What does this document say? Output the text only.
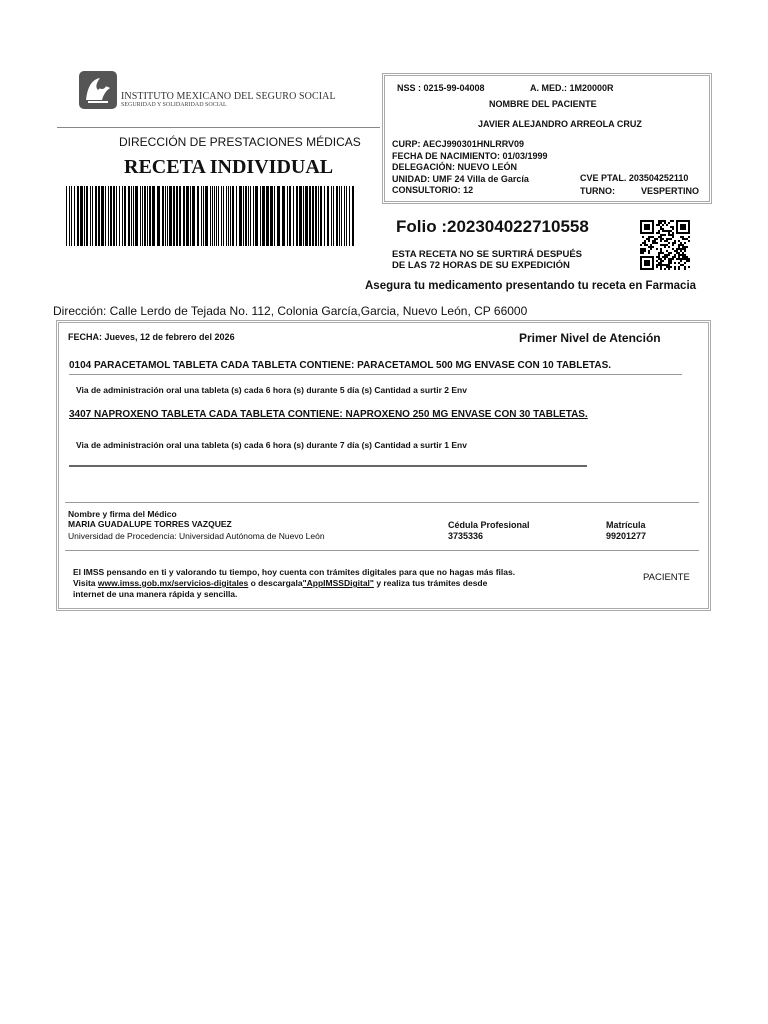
INSTITUTO MEXICANO DEL SEGURO SOCIAL
SEGURIDAD Y SOLIDARIDAD SOCIAL
DIRECCIÓN DE PRESTACIONES MÉDICAS
RECETA INDIVIDUAL
NSS : 0215-99-04008	A. MED.: 1M20000R
NOMBRE DEL PACIENTE
JAVIER ALEJANDRO ARREOLA CRUZ
CURP: AECJ990301HNLRRV09
FECHA DE NACIMIENTO: 01/03/1999
DELEGACIÓN: NUEVO LEÓN
UNIDAD: UMF 24 Villa de García
CONSULTORIO: 12
CVE PTAL. 203504252110
TURNO:	VESPERTINO
Folio :202304022710558
ESTA RECETA NO SE SURTIRÁ DESPUÉS
DE LAS 72 HORAS DE SU EXPEDICIÓN
Asegura tu medicamento presentando tu receta en Farmacia
Dirección: Calle Lerdo de Tejada No. 112, Colonia García,Garcia, Nuevo León, CP 66000
FECHA: Jueves, 12 de febrero del 2026	Primer Nivel de Atención
0104 PARACETAMOL TABLETA CADA TABLETA CONTIENE: PARACETAMOL 500 MG ENVASE CON 10 TABLETAS.
Via de administración oral una tableta (s) cada 6 hora (s) durante 5 día (s) Cantidad a surtir 2 Env
3407 NAPROXENO TABLETA CADA TABLETA CONTIENE: NAPROXENO 250 MG ENVASE CON 30 TABLETAS.
Via de administración oral una tableta (s) cada 6 hora (s) durante 7 día (s) Cantidad a surtir 1 Env
Nombre y firma del Médico
MARIA GUADALUPE TORRES VAZQUEZ
Universidad de Procedencia: Universidad Autónoma de Nuevo León
Cédula Profesional
3735336
Matrícula
99201277
El IMSS pensando en ti y valorando tu tiempo, hoy cuenta con trámites digitales para que no hagas más filas.
Visita www.imss.gob.mx/servicios-digitales o descargala"AppIMSSDigital" y realiza tus trámites desde
internet de una manera rápida y sencilla.
PACIENTE
